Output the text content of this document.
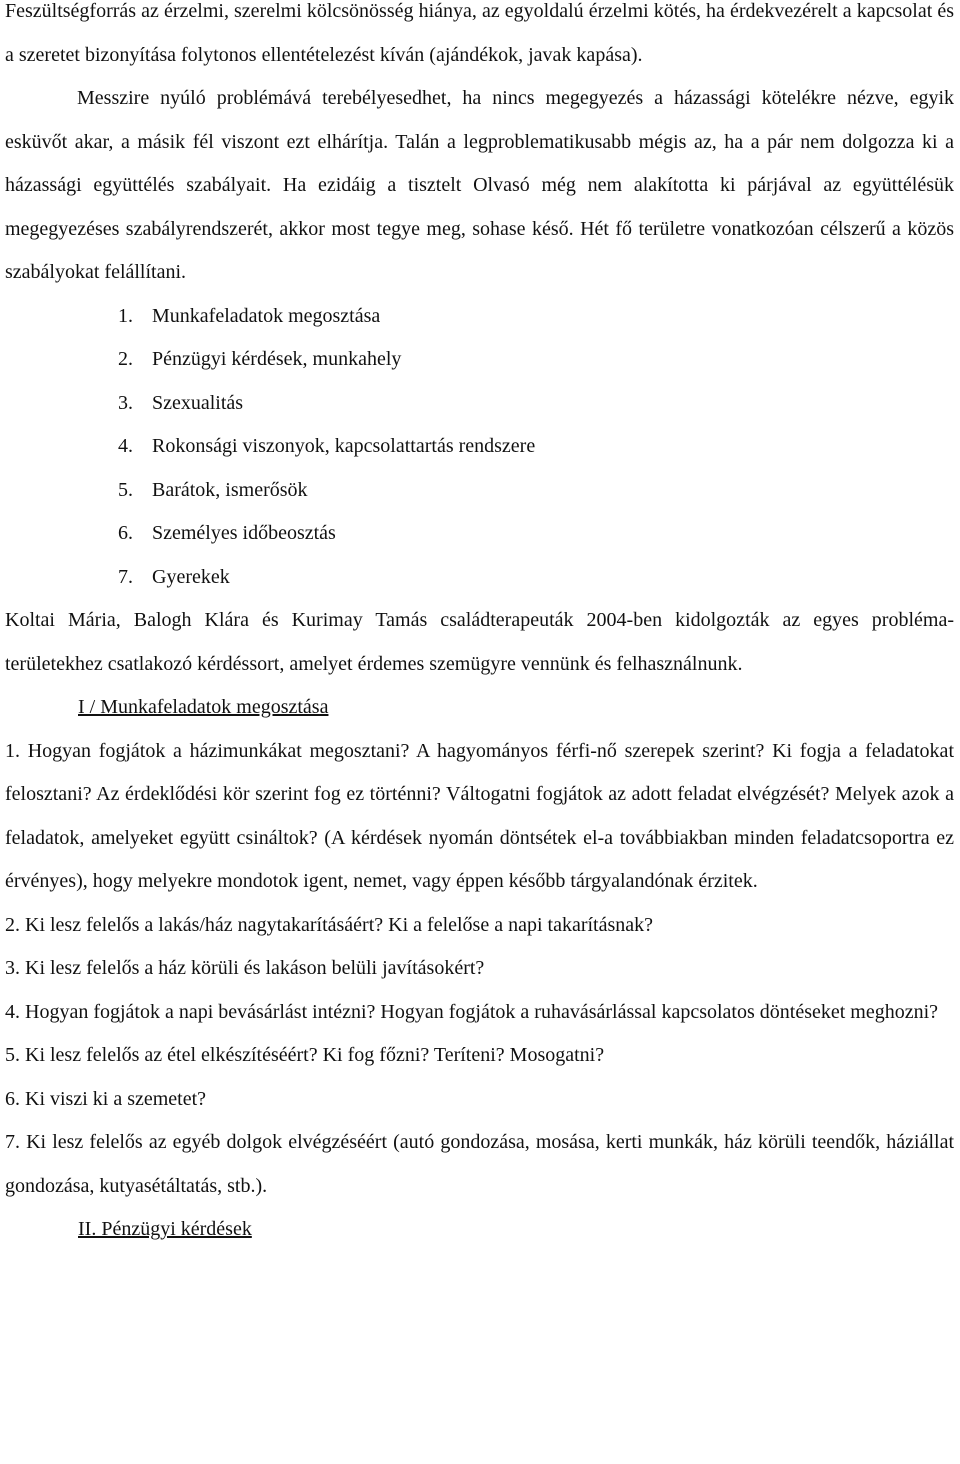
Feszültségforrás az érzelmi, szerelmi kölcsönösség hiánya, az egyoldalú érzelmi kötés, ha érdekvezérelt a kapcsolat és a szeretet bizonyítása folytonos ellentételezést kíván (ajándékok, javak kapása).

Messzire nyúló problémává terebélyesedhet, ha nincs megegyezés a házassági kötelékre nézve, egyik esküvőt akar, a másik fél viszont ezt elhárítja. Talán a legproblematikusabb mégis az, ha a pár nem dolgozza ki a házassági együttélés szabályait. Ha ezidáig a tisztelt Olvasó még nem alakította ki párjával az együttélésük megegyezéses szabályrendszerét, akkor most tegye meg, sohase késő. Hét fő területre vonatkozóan célszerű a közös szabályokat felállítani.

1. Munkafeladatok megosztása
2. Pénzügyi kérdések, munkahely
3. Szexualitás
4. Rokonsági viszonyok, kapcsolattartás rendszere
5. Barátok, ismerősök
6. Személyes időbeosztás
7. Gyerekek

Koltai Mária, Balogh Klára és Kurimay Tamás családterapeuták 2004-ben kidolgozták az egyes probléma-területekhez csatlakozó kérdéssort, amelyet érdemes szemügyre vennünk és felhasználnunk.

I / Munkafeladatok megosztása

1. Hogyan fogjátok a házimunkákat megosztani? A hagyományos férfi-nő szerepek szerint? Ki fogja a feladatokat felosztani? Az érdeklődési kör szerint fog ez történni? Váltogatni fogjátok az adott feladat elvégzését? Melyek azok a feladatok, amelyeket együtt csináltok? (A kérdések nyomán döntsétek el-a továbbiakban minden feladatcsoportra ez érvényes), hogy melyekre mondotok igent, nemet, vagy éppen később tárgyalandónak érzitek.

2. Ki lesz felelős a lakás/ház nagytakarításáért? Ki a felelőse a napi takarításnak?

3. Ki lesz felelős a ház körüli és lakáson belüli javításokért?

4. Hogyan fogjátok a napi bevásárlást intézni? Hogyan fogjátok a ruhavásárlással kapcsolatos döntéseket meghozni?

5. Ki lesz felelős az étel elkészítéséért? Ki fog főzni? Teríteni? Mosogatni?

6. Ki viszi ki a szemetet?

7. Ki lesz felelős az egyéb dolgok elvégzéséért (autó gondozása, mosása, kerti munkák, ház körüli teendők, háziállat gondozása, kutyasétáltatás, stb.).

II. Pénzügyi kérdések
